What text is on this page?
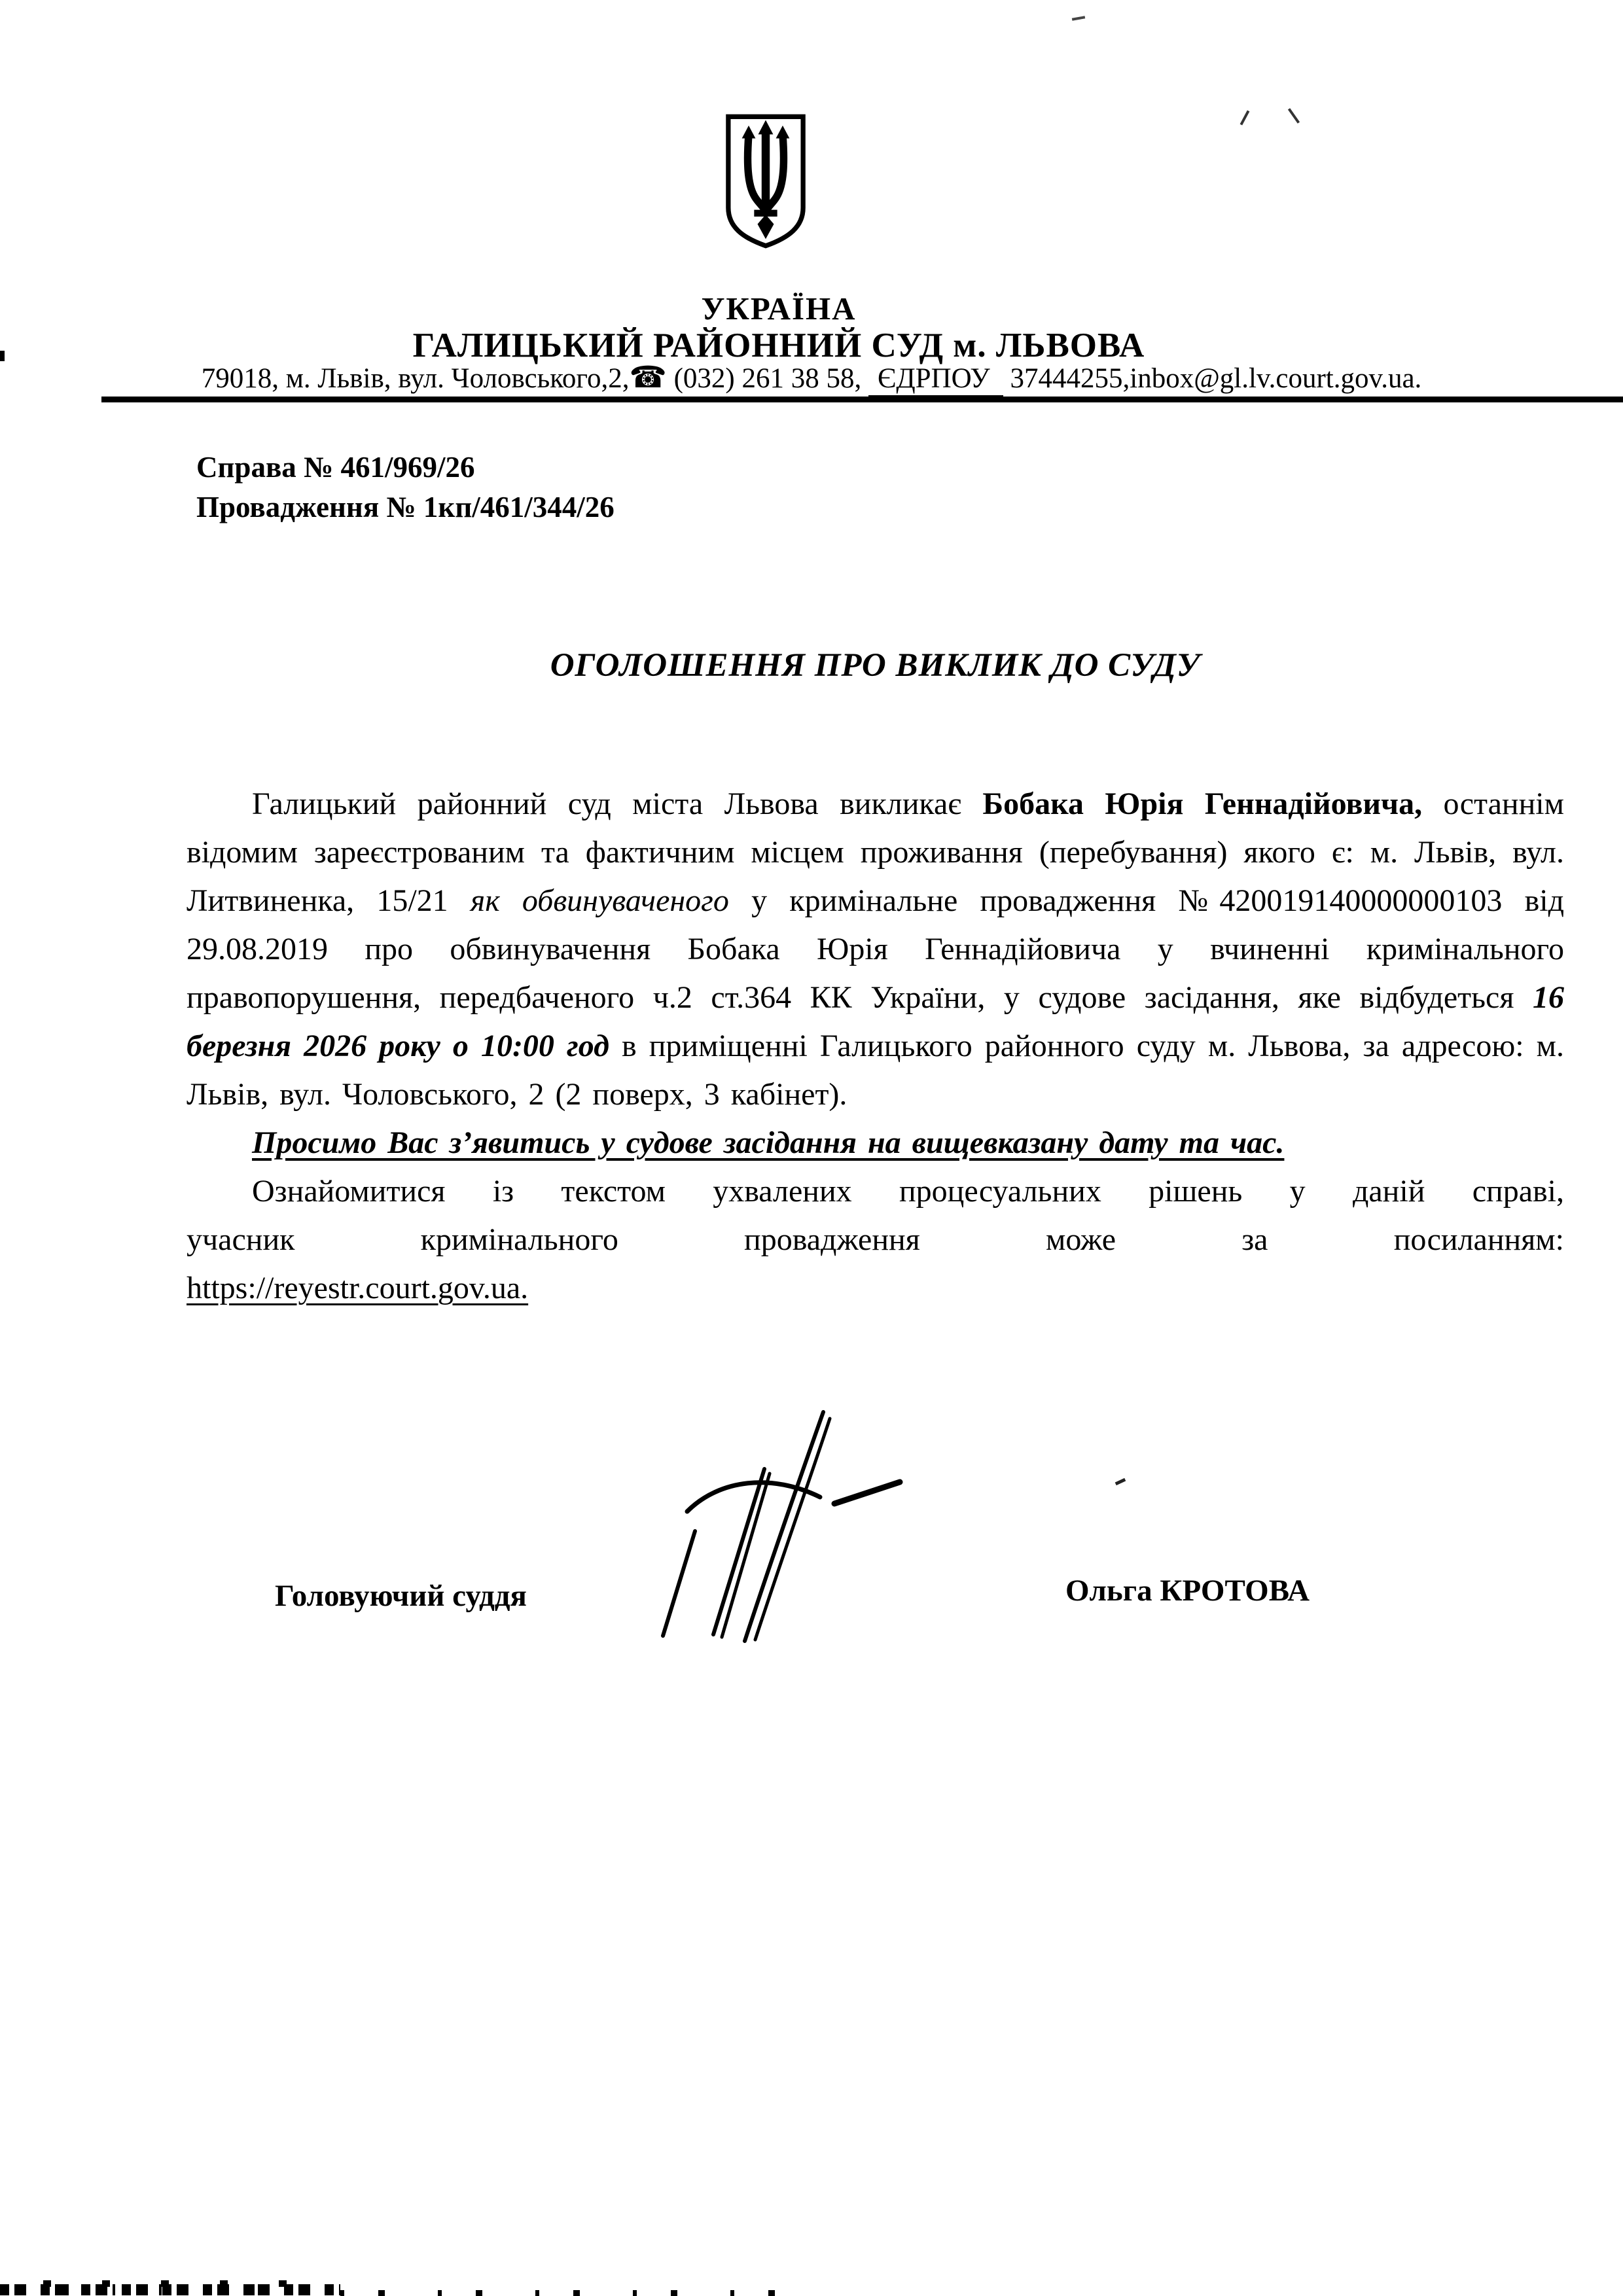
УКРАЇНА
ГАЛИЦЬКИЙ РАЙОННИЙ СУД м. ЛЬВОВА
79018, м. Львів, вул. Чоловського,2,☎ (032) 261 38 58, ЄДРПОУ 37444255,inbox@gl.lv.court.gov.ua.
Справа № 461/969/26
Провадження № 1кп/461/344/26
ОГОЛОШЕННЯ ПРО ВИКЛИК ДО СУДУ

Галицький районний суд міста Львова викликає Бобака Юрія Геннадійовича, останнім відомим зареєстрованим та фактичним місцем проживання (перебування) якого є: м. Львів, вул. Литвиненка, 15/21 як обвинуваченого у кримінальне провадження №420019140000000103 від 29.08.2019 про обвинувачення Бобака Юрія Геннадійовича у вчиненні кримінального правопорушення, передбаченого ч.2 ст.364 КК України, у судове засідання, яке відбудеться 16 березня 2026 року о 10:00 год в приміщенні Галицького районного суду м. Львова, за адресою: м. Львів, вул. Чоловського, 2 (2 поверх, 3 кабінет).

Просимо Вас з’явитись у судове засідання на вищевказану дату та час.

Ознайомитися із текстом ухвалених процесуальних рішень у даній справі,

учасник кримінального провадження може за посиланням:

https://reyestr.court.gov.ua.

Головуючий суддя	Ольга КРОТОВА
